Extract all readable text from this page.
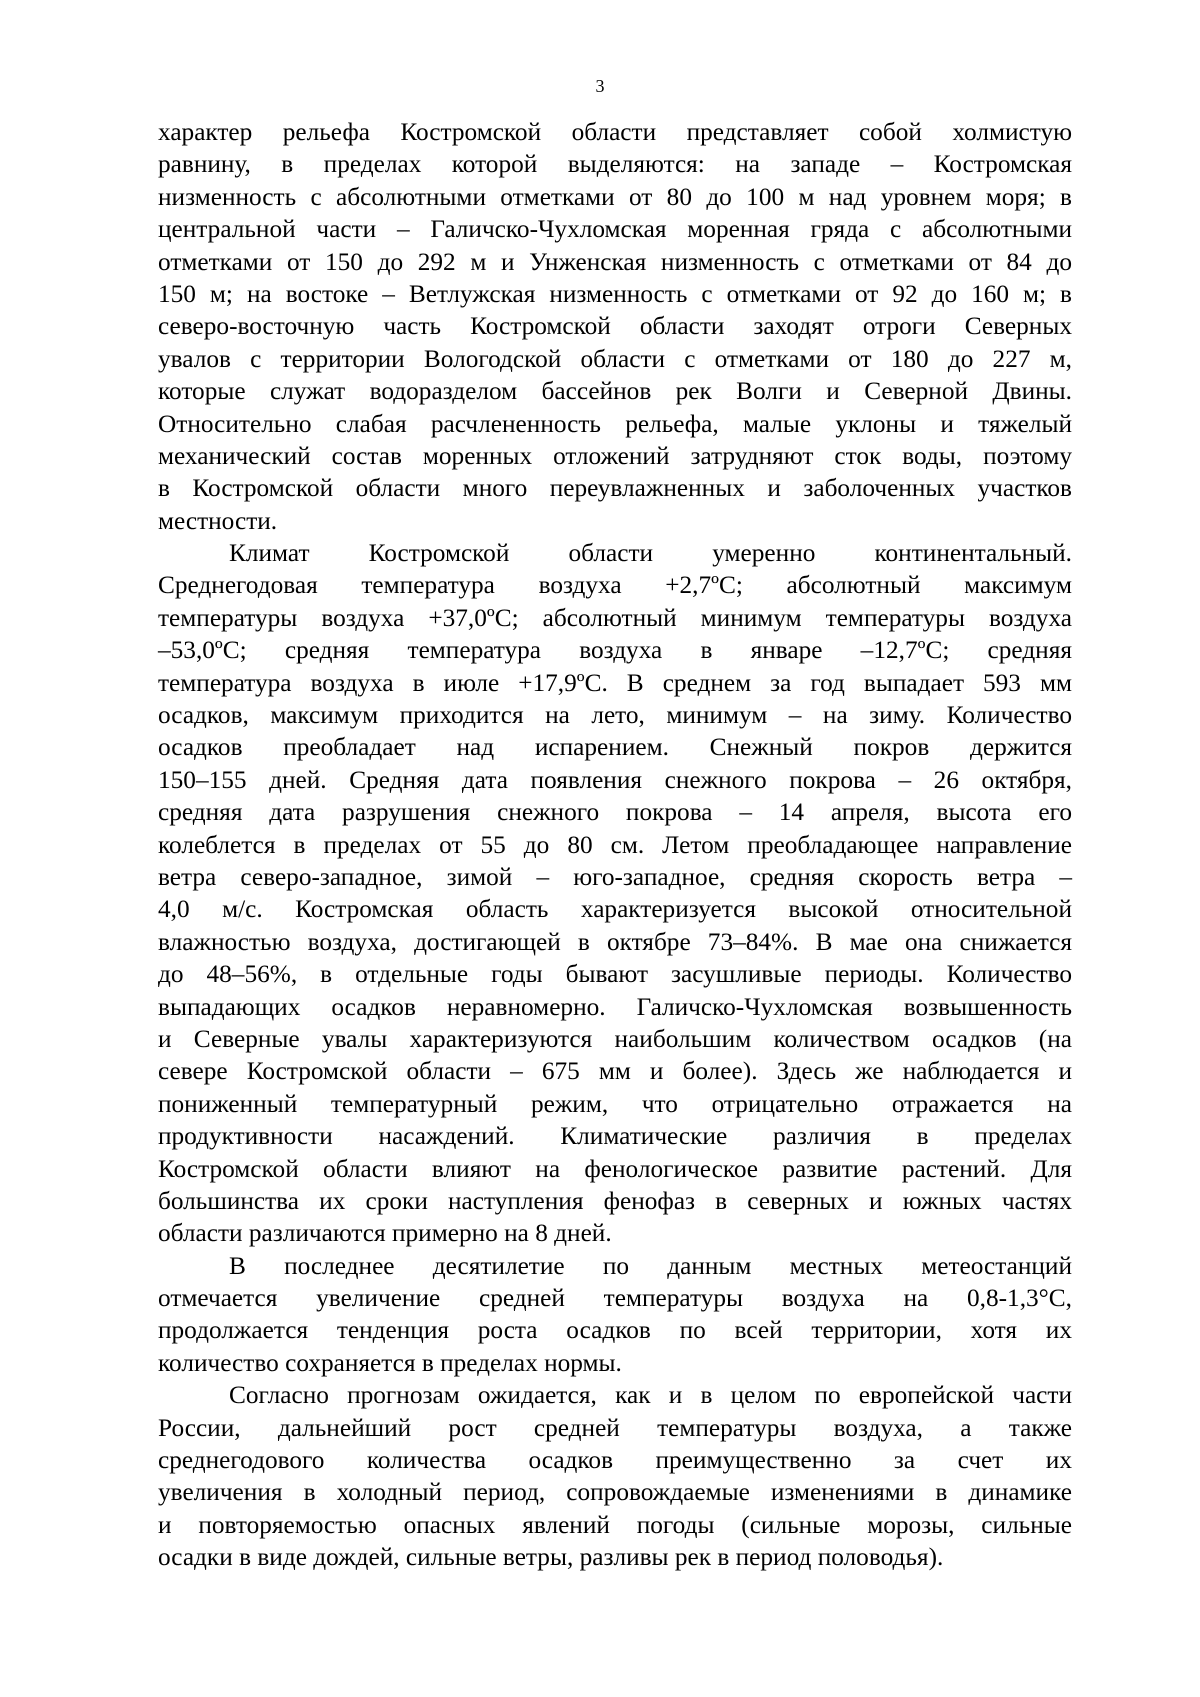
3
характер рельефа Костромской области представляет собой холмистую
равнину, в пределах которой выделяются: на западе – Костромская
низменность с абсолютными отметками от 80 до 100 м над уровнем моря; в
центральной части – Галичско-Чухломская моренная гряда с абсолютными
отметками от 150 до 292 м и Унженская низменность с отметками от 84 до
150 м; на востоке – Ветлужская низменность с отметками от 92 до 160 м; в
северо-восточную часть Костромской области заходят отроги Северных
увалов с территории Вологодской области с отметками от 180 до 227 м,
которые служат водоразделом бассейнов рек Волги и Северной Двины.
Относительно слабая расчлененность рельефа, малые уклоны и тяжелый
механический состав моренных отложений затрудняют сток воды, поэтому
в Костромской области много переувлажненных и заболоченных участков
местности.
Климат Костромской области умеренно континентальный.
Среднегодовая температура воздуха +2,7ºС; абсолютный максимум
температуры воздуха +37,0ºС; абсолютный минимум температуры воздуха
–53,0ºС; средняя температура воздуха в январе –12,7ºС; средняя
температура воздуха в июле +17,9ºС. В среднем за год выпадает 593 мм
осадков, максимум приходится на лето, минимум – на зиму. Количество
осадков преобладает над испарением. Снежный покров держится
150–155 дней. Средняя дата появления снежного покрова – 26 октября,
средняя дата разрушения снежного покрова – 14 апреля, высота его
колеблется в пределах от 55 до 80 см. Летом преобладающее направление
ветра северо-западное, зимой – юго-западное, средняя скорость ветра –
4,0 м/с. Костромская область характеризуется высокой относительной
влажностью воздуха, достигающей в октябре 73–84%. В мае она снижается
до 48–56%, в отдельные годы бывают засушливые периоды. Количество
выпадающих осадков неравномерно. Галичско-Чухломская возвышенность
и Северные увалы характеризуются наибольшим количеством осадков (на
севере Костромской области – 675 мм и более). Здесь же наблюдается и
пониженный температурный режим, что отрицательно отражается на
продуктивности насаждений. Климатические различия в пределах
Костромской области влияют на фенологическое развитие растений. Для
большинства их сроки наступления фенофаз в северных и южных частях
области различаются примерно на 8 дней.
В последнее десятилетие по данным местных метеостанций
отмечается увеличение средней температуры воздуха на 0,8-1,3°C,
продолжается тенденция роста осадков по всей территории, хотя их
количество сохраняется в пределах нормы.
Согласно прогнозам ожидается, как и в целом по европейской части
России, дальнейший рост средней температуры воздуха, а также
среднегодового количества осадков преимущественно за счет их
увеличения в холодный период, сопровождаемые изменениями в динамике
и повторяемостью опасных явлений погоды (сильные морозы, сильные
осадки в виде дождей, сильные ветры, разливы рек в период половодья).
